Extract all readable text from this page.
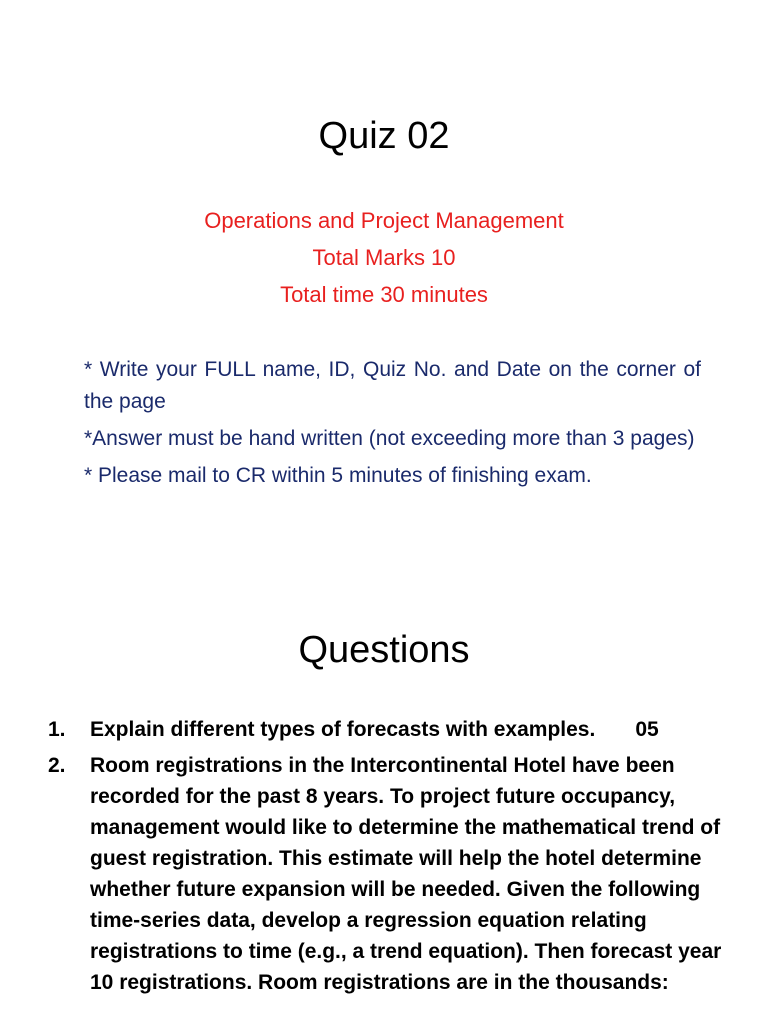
Quiz 02
Operations and Project Management
Total Marks 10
Total time 30 minutes
* Write your FULL name, ID, Quiz No. and Date on the corner of the page
*Answer must be hand written (not exceeding more than 3 pages)
* Please mail to CR within 5 minutes of finishing exam.
Questions
1.	Explain different types of forecasts with examples. 05
2.	Room registrations in the Intercontinental Hotel have been recorded for the past 8 years. To project future occupancy, management would like to determine the mathematical trend of guest registration. This estimate will help the hotel determine whether future expansion will be needed. Given the following time-series data, develop a regression equation relating registrations to time (e.g., a trend equation). Then forecast year 10 registrations. Room registrations are in the thousands:
